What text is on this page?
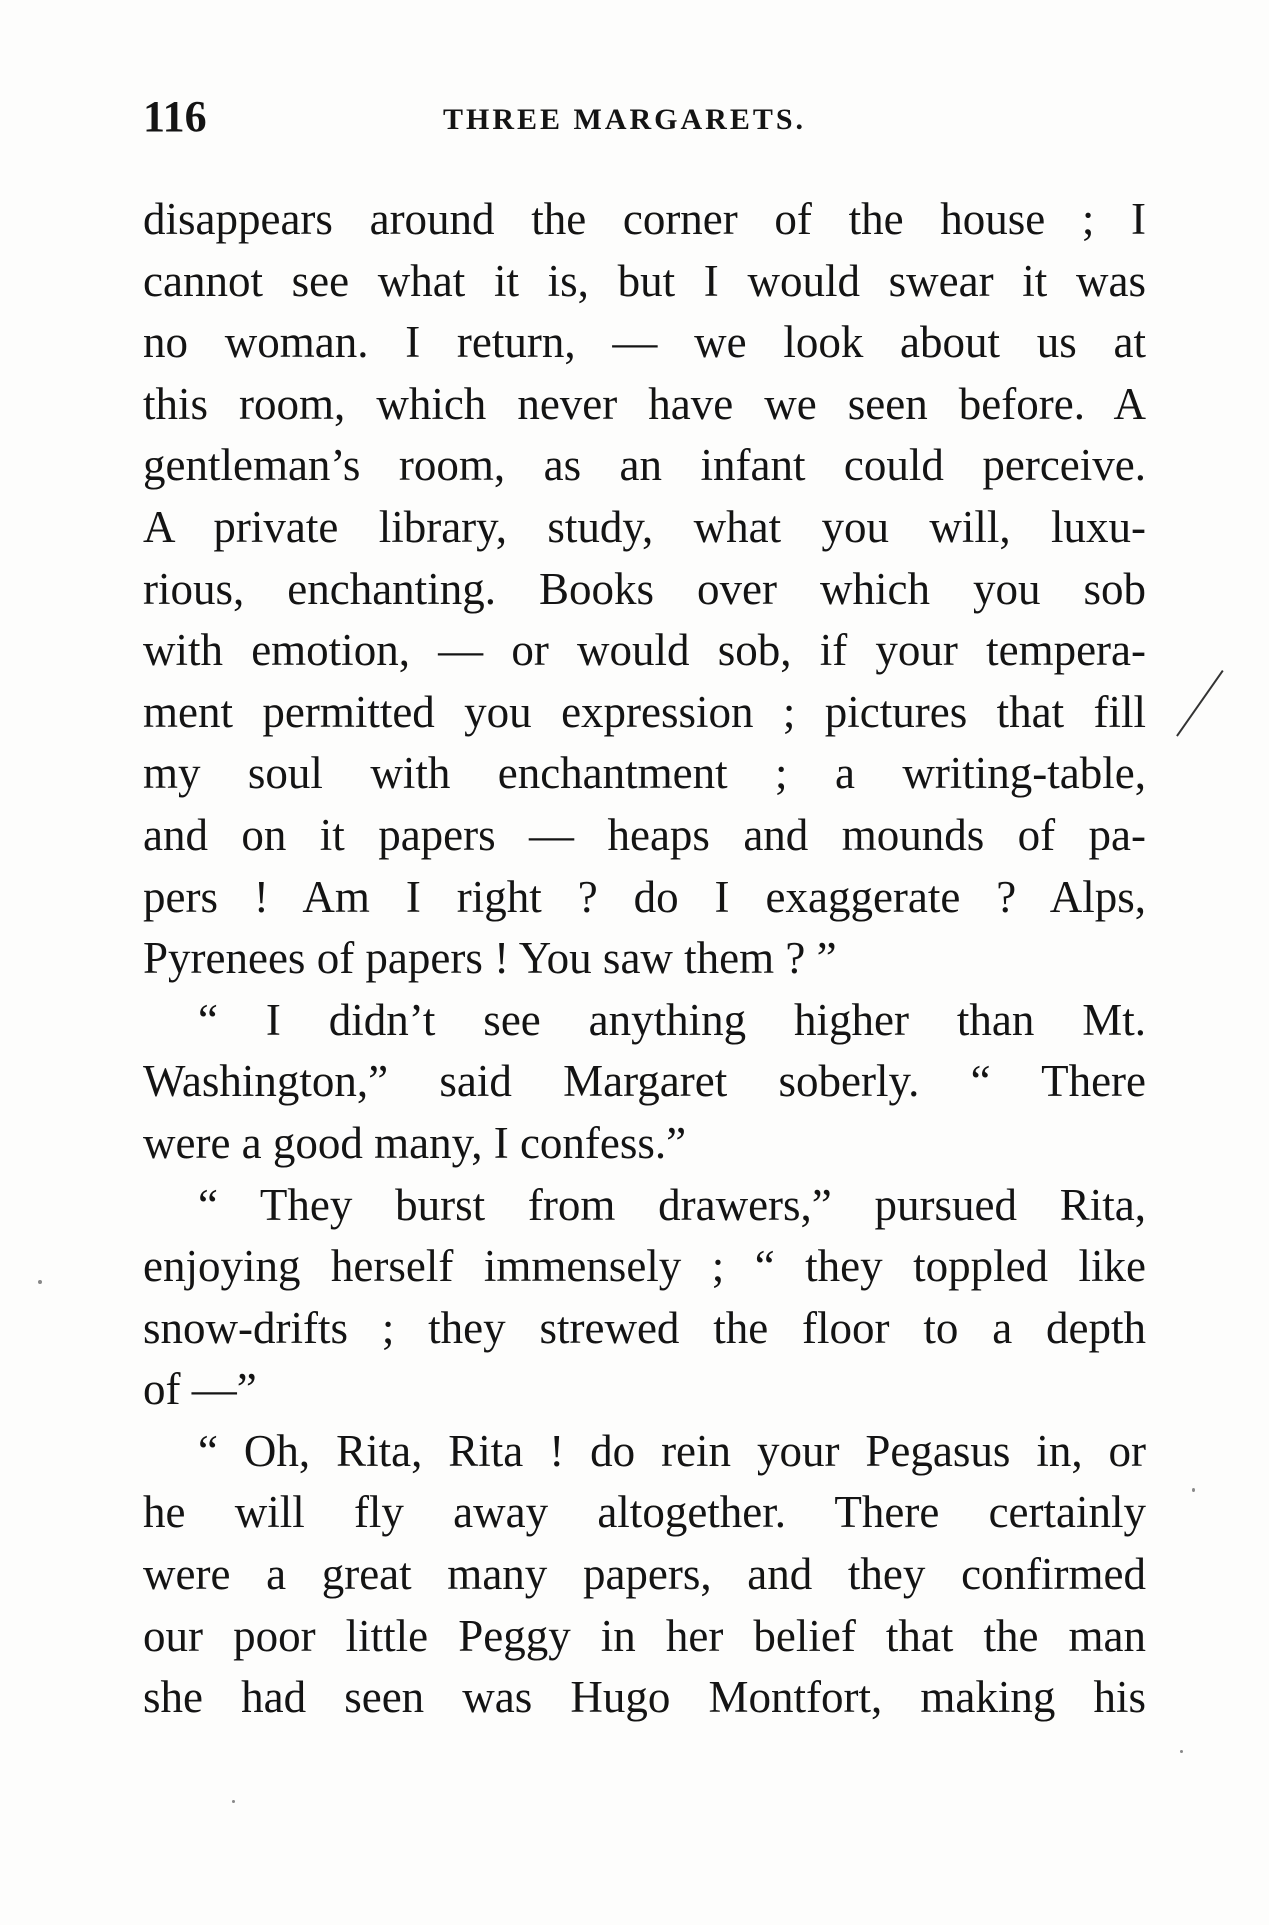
116	THREE MARGARETS.
disappears around the corner of the house ; I
cannot see what it is, but I would swear it was
no woman. I return, — we look about us at
this room, which never have we seen before. A
gentleman’s room, as an infant could perceive.
A private library, study, what you will, luxu-
rious, enchanting. Books over which you sob
with emotion, — or would sob, if your tempera-
ment permitted you expression ; pictures that fill
my soul with enchantment ; a writing-table,
and on it papers — heaps and mounds of pa-
pers ! Am I right ? do I exaggerate ? Alps,
Pyrenees of papers ! You saw them ? ”
“ I didn’t see anything higher than Mt.
Washington,” said Margaret soberly. “ There
were a good many, I confess.”
“ They burst from drawers,” pursued Rita,
enjoying herself immensely ; “ they toppled like
snow-drifts ; they strewed the floor to a depth
of —”
“ Oh, Rita, Rita ! do rein your Pegasus in, or
he will fly away altogether. There certainly
were a great many papers, and they confirmed
our poor little Peggy in her belief that the man
she had seen was Hugo Montfort, making his
